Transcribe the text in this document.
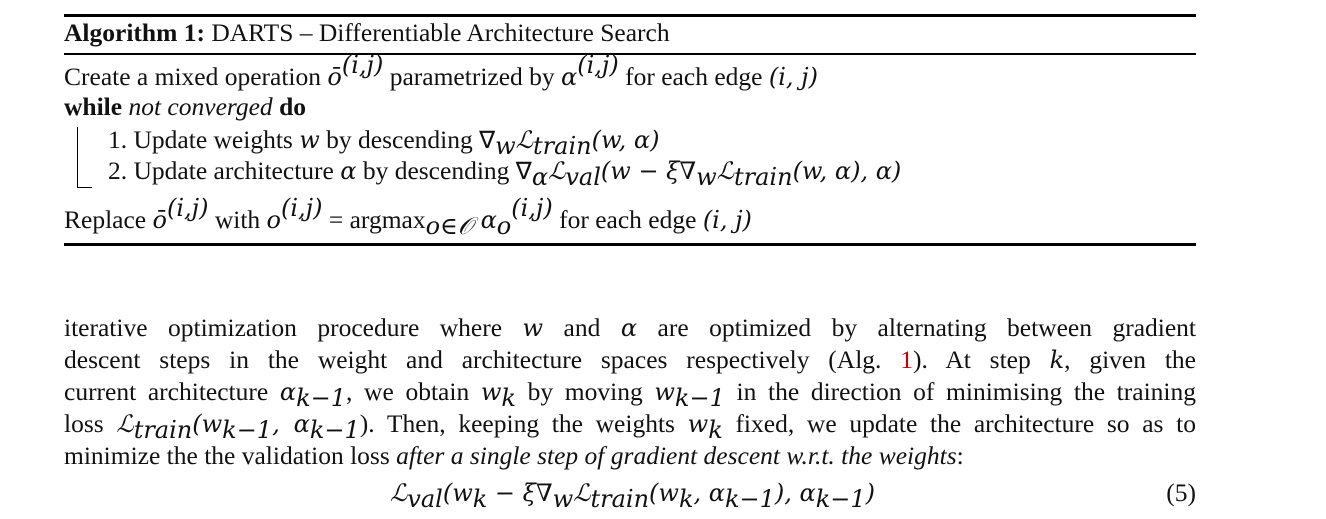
Algorithm 1: DARTS – Differentiable Architecture Search
Create a mixed operation $ō^{(i,j)}$ parametrized by $\alpha^{(i,j)}$ for each edge (i, j)
while not converged do
1. Update weights w by descending $\nabla_wℒ_{train}(w$, α)
2. Update architecture α by descending $\nabla_\alpha ℒ_{val}(w$ − $\xi\nabla_wℒ_{train}(w$, α), α)
Replace $ō^{(i,j)}$ with $o^{(i,j)} = argmax_{o\in 𝒪}$ $\alpha_o^{(i,j)}$ for each edge (i, j)
iterative optimization procedure where w and α are optimized by alternating between gradient
descent steps in the weight and architecture spaces respectively (Alg. 1). At step k, given the
current architecture $\alpha_{k-1}$, we obtain $w_k$ by moving $w_{k-1}$ in the direction of minimising the training
loss $ℒ_{train}(w_{k-1}$, $\alpha_{k-1}$). Then, keeping the weights $w_k$ fixed, we update the architecture so as to
minimize the the validation loss after a single step of gradient descent w.r.t. the weights:
$ℒ_{val}(w_k$ − $\xi\nabla_wℒ_{train}(w_k$, $\alpha_{k-1}$), $\alpha_{k-1}$)	(5)
